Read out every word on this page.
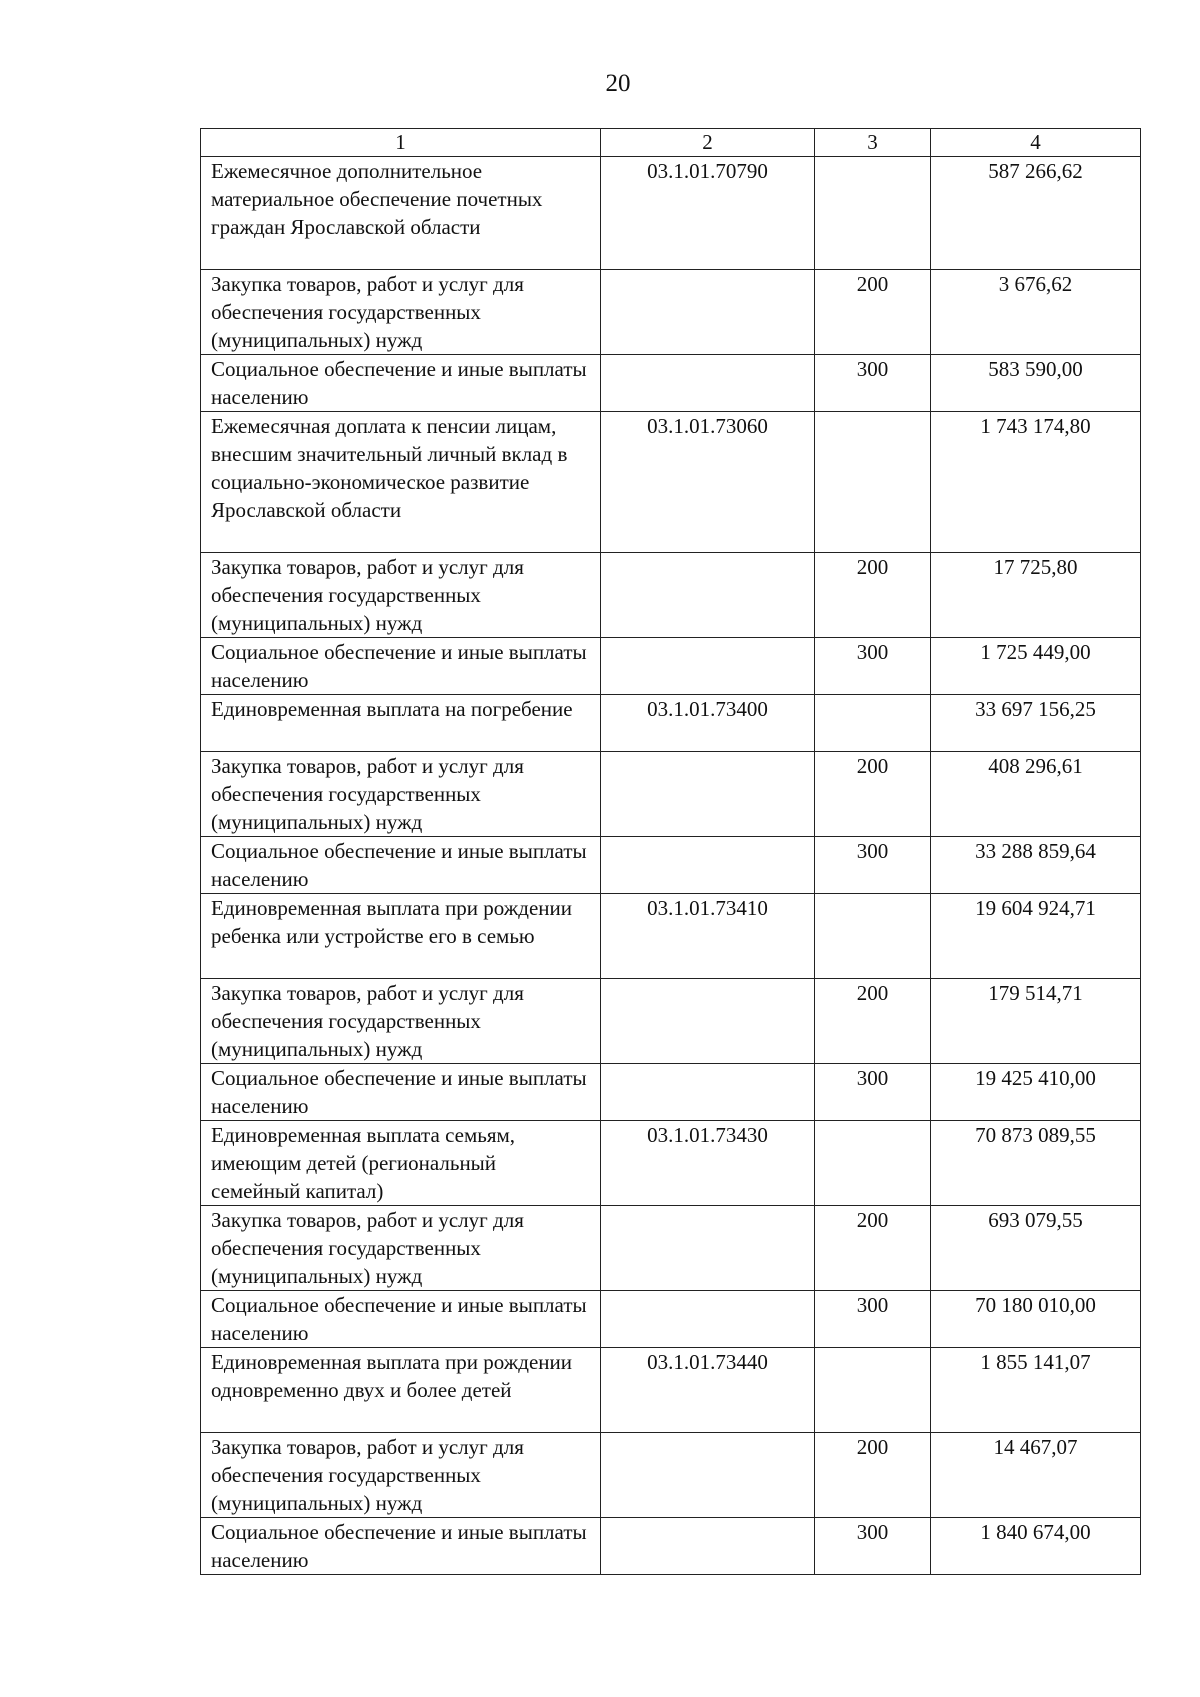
20
1	2	3	4
Ежемесячное дополнительное материальное обеспечение почетных граждан Ярославской области	03.1.01.70790		587 266,62
Закупка товаров, работ и услуг для обеспечения государственных (муниципальных) нужд		200	3 676,62
Социальное обеспечение и иные выплаты населению		300	583 590,00
Ежемесячная доплата к пенсии лицам, внесшим значительный личный вклад в социально-экономическое развитие Ярославской области	03.1.01.73060		1 743 174,80
Закупка товаров, работ и услуг для обеспечения государственных (муниципальных) нужд		200	17 725,80
Социальное обеспечение и иные выплаты населению		300	1 725 449,00
Единовременная выплата на погребение	03.1.01.73400		33 697 156,25
Закупка товаров, работ и услуг для обеспечения государственных (муниципальных) нужд		200	408 296,61
Социальное обеспечение и иные выплаты населению		300	33 288 859,64
Единовременная выплата при рождении ребенка или устройстве его в семью	03.1.01.73410		19 604 924,71
Закупка товаров, работ и услуг для обеспечения государственных (муниципальных) нужд		200	179 514,71
Социальное обеспечение и иные выплаты населению		300	19 425 410,00
Единовременная выплата семьям, имеющим детей (региональный семейный капитал)	03.1.01.73430		70 873 089,55
Закупка товаров, работ и услуг для обеспечения государственных (муниципальных) нужд		200	693 079,55
Социальное обеспечение и иные выплаты населению		300	70 180 010,00
Единовременная выплата при рождении одновременно двух и более детей	03.1.01.73440		1 855 141,07
Закупка товаров, работ и услуг для обеспечения государственных (муниципальных) нужд		200	14 467,07
Социальное обеспечение и иные выплаты населению		300	1 840 674,00
